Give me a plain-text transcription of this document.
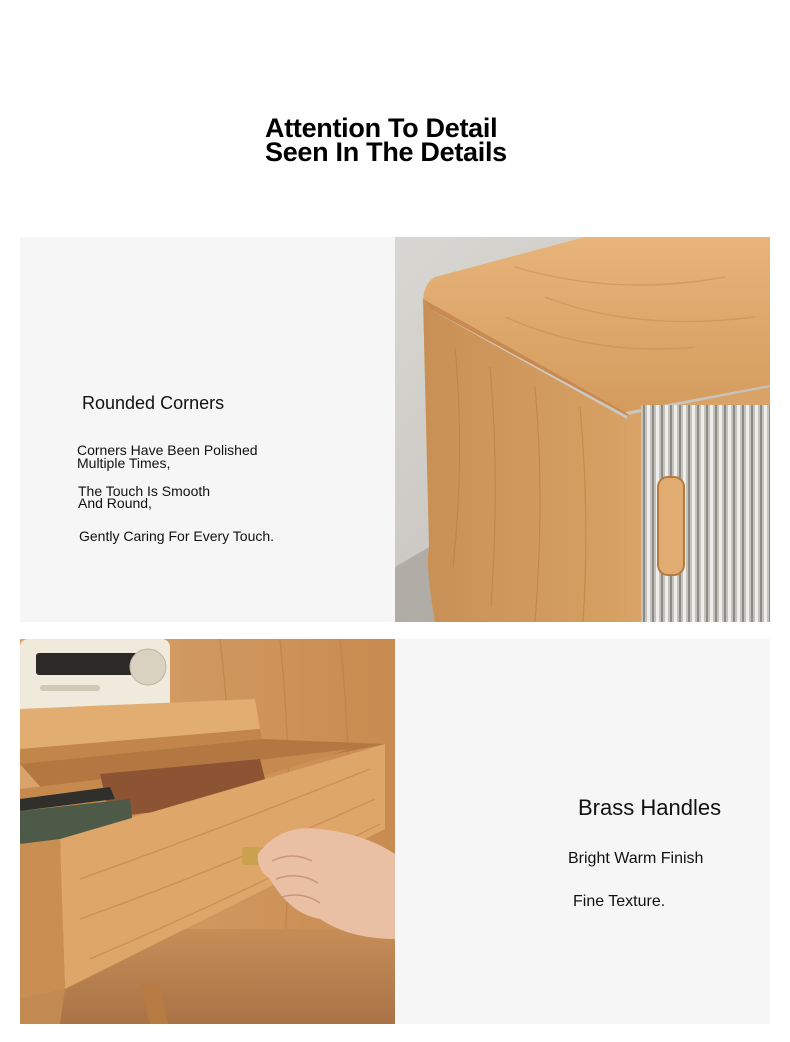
Attention To Detail
Seen In The Details
Rounded Corners
Corners Have Been Polished
Multiple Times,
The Touch Is Smooth
And Round,
Gently Caring For Every Touch.
Brass Handles
Bright Warm Finish
Fine Texture.
